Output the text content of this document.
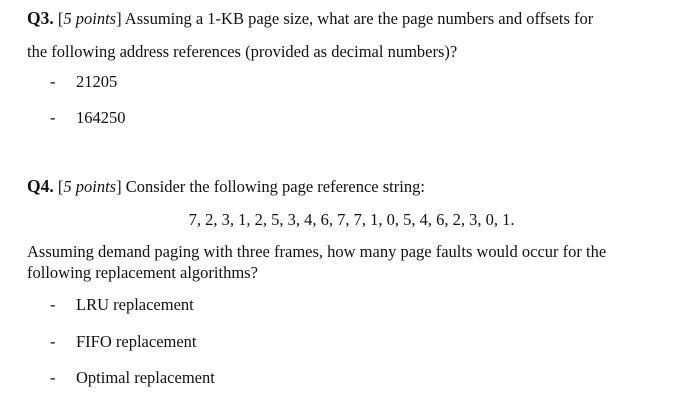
Q3. [5 points] Assuming a 1-KB page size, what are the page numbers and offsets for
the following address references (provided as decimal numbers)?
- 21205
- 164250
Q4. [5 points] Consider the following page reference string:
7, 2, 3, 1, 2, 5, 3, 4, 6, 7, 7, 1, 0, 5, 4, 6, 2, 3, 0, 1.
Assuming demand paging with three frames, how many page faults would occur for the
following replacement algorithms?
- LRU replacement
- FIFO replacement
- Optimal replacement
